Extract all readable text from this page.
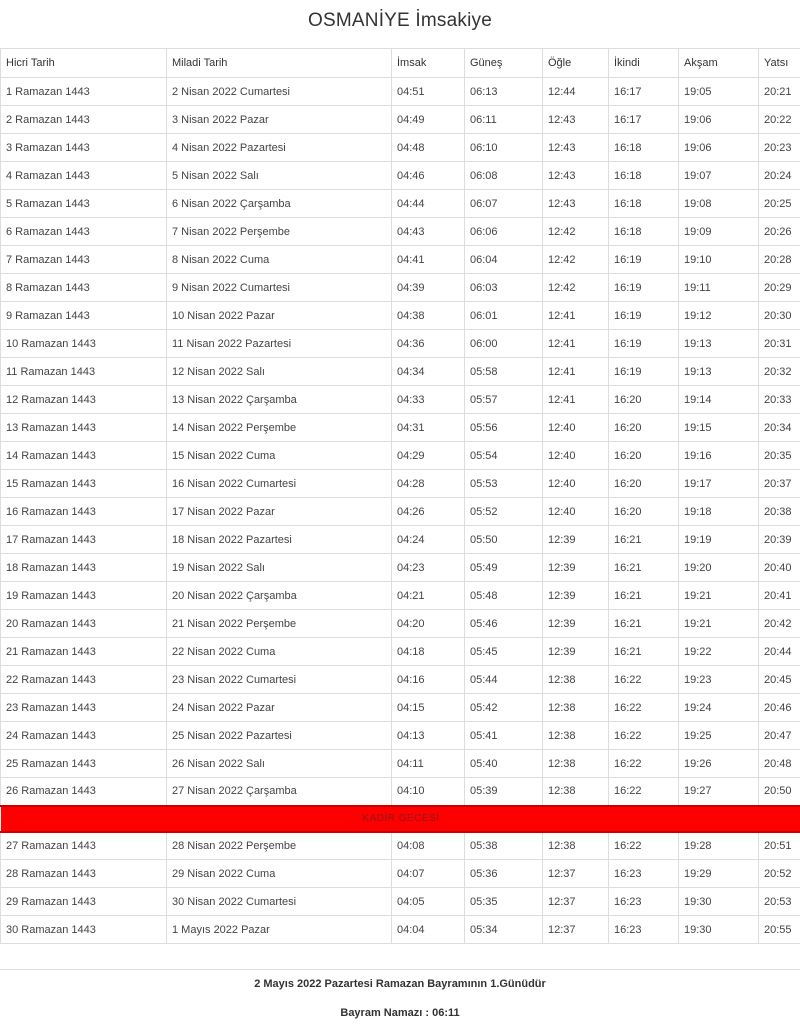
OSMANİYE İmsakiye
Hicri Tarih	Miladi Tarih	İmsak	Güneş	Öğle	İkindi	Akşam	Yatsı
1 Ramazan 1443	2 Nisan 2022 Cumartesi	04:51	06:13	12:44	16:17	19:05	20:21
2 Ramazan 1443	3 Nisan 2022 Pazar	04:49	06:11	12:43	16:17	19:06	20:22
3 Ramazan 1443	4 Nisan 2022 Pazartesi	04:48	06:10	12:43	16:18	19:06	20:23
4 Ramazan 1443	5 Nisan 2022 Salı	04:46	06:08	12:43	16:18	19:07	20:24
5 Ramazan 1443	6 Nisan 2022 Çarşamba	04:44	06:07	12:43	16:18	19:08	20:25
6 Ramazan 1443	7 Nisan 2022 Perşembe	04:43	06:06	12:42	16:18	19:09	20:26
7 Ramazan 1443	8 Nisan 2022 Cuma	04:41	06:04	12:42	16:19	19:10	20:28
8 Ramazan 1443	9 Nisan 2022 Cumartesi	04:39	06:03	12:42	16:19	19:11	20:29
9 Ramazan 1443	10 Nisan 2022 Pazar	04:38	06:01	12:41	16:19	19:12	20:30
10 Ramazan 1443	11 Nisan 2022 Pazartesi	04:36	06:00	12:41	16:19	19:13	20:31
11 Ramazan 1443	12 Nisan 2022 Salı	04:34	05:58	12:41	16:19	19:13	20:32
12 Ramazan 1443	13 Nisan 2022 Çarşamba	04:33	05:57	12:41	16:20	19:14	20:33
13 Ramazan 1443	14 Nisan 2022 Perşembe	04:31	05:56	12:40	16:20	19:15	20:34
14 Ramazan 1443	15 Nisan 2022 Cuma	04:29	05:54	12:40	16:20	19:16	20:35
15 Ramazan 1443	16 Nisan 2022 Cumartesi	04:28	05:53	12:40	16:20	19:17	20:37
16 Ramazan 1443	17 Nisan 2022 Pazar	04:26	05:52	12:40	16:20	19:18	20:38
17 Ramazan 1443	18 Nisan 2022 Pazartesi	04:24	05:50	12:39	16:21	19:19	20:39
18 Ramazan 1443	19 Nisan 2022 Salı	04:23	05:49	12:39	16:21	19:20	20:40
19 Ramazan 1443	20 Nisan 2022 Çarşamba	04:21	05:48	12:39	16:21	19:21	20:41
20 Ramazan 1443	21 Nisan 2022 Perşembe	04:20	05:46	12:39	16:21	19:21	20:42
21 Ramazan 1443	22 Nisan 2022 Cuma	04:18	05:45	12:39	16:21	19:22	20:44
22 Ramazan 1443	23 Nisan 2022 Cumartesi	04:16	05:44	12:38	16:22	19:23	20:45
23 Ramazan 1443	24 Nisan 2022 Pazar	04:15	05:42	12:38	16:22	19:24	20:46
24 Ramazan 1443	25 Nisan 2022 Pazartesi	04:13	05:41	12:38	16:22	19:25	20:47
25 Ramazan 1443	26 Nisan 2022 Salı	04:11	05:40	12:38	16:22	19:26	20:48
26 Ramazan 1443	27 Nisan 2022 Çarşamba	04:10	05:39	12:38	16:22	19:27	20:50
KADİR GECESİ							
27 Ramazan 1443	28 Nisan 2022 Perşembe	04:08	05:38	12:38	16:22	19:28	20:51
28 Ramazan 1443	29 Nisan 2022 Cuma	04:07	05:36	12:37	16:23	19:29	20:52
29 Ramazan 1443	30 Nisan 2022 Cumartesi	04:05	05:35	12:37	16:23	19:30	20:53
30 Ramazan 1443	1 Mayıs 2022 Pazar	04:04	05:34	12:37	16:23	19:30	20:55

2 Mayıs 2022 Pazartesi Ramazan Bayramının 1.Günüdür

Bayram Namazı : 06:11
